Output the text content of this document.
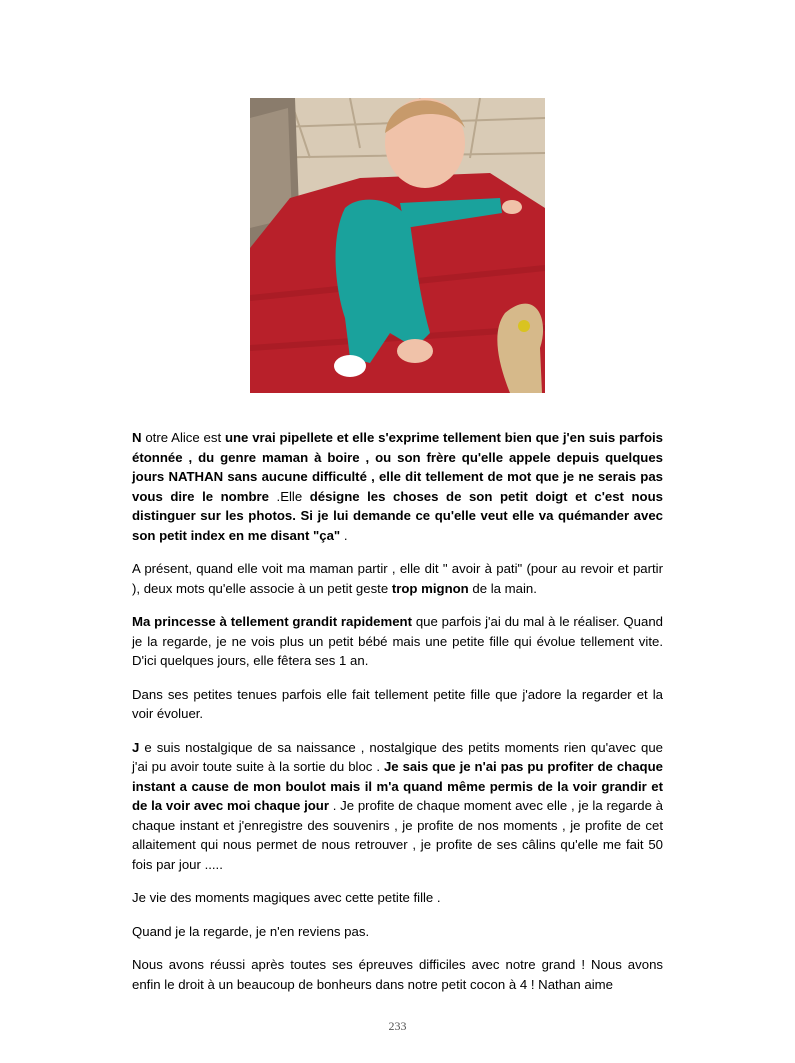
N otre Alice est une vrai pipellete et elle s'exprime tellement bien que j'en suis parfois étonnée , du genre maman à boire , ou son frère qu'elle appele depuis quelques jours NATHAN sans aucune difficulté , elle dit tellement de mot que je ne serais pas vous dire le nombre .Elle désigne les choses de son petit doigt et c'est nous distinguer sur les photos. Si je lui demande ce qu'elle veut elle va quémander avec son petit index en me disant "ça" .

A présent, quand elle voit ma maman partir , elle dit " avoir à pati" (pour au revoir et partir ), deux mots qu'elle associe à un petit geste trop mignon de la main.

Ma princesse à tellement grandit rapidement que parfois j'ai du mal à le réaliser. Quand je la regarde, je ne vois plus un petit bébé mais une petite fille qui évolue tellement vite. D'ici quelques jours, elle fêtera ses 1 an.

Dans ses petites tenues parfois elle fait tellement petite fille que j'adore la regarder et la voir évoluer.

J e suis nostalgique de sa naissance , nostalgique des petits moments rien qu'avec que j'ai pu avoir toute suite à la sortie du bloc . Je sais que je n'ai pas pu profiter de chaque instant a cause de mon boulot mais il m'a quand même permis de la voir grandir et de la voir avec moi chaque jour . Je profite de chaque moment avec elle , je la regarde à chaque instant et j'enregistre des souvenirs , je profite de nos moments , je profite de cet allaitement qui nous permet de nous retrouver , je profite de ses câlins qu'elle me fait 50 fois par jour .....

Je vie des moments magiques avec cette petite fille .

Quand je la regarde, je n'en reviens pas.

Nous avons réussi après toutes ses épreuves difficiles avec notre grand ! Nous avons enfin le droit à un beaucoup de bonheurs dans notre petit cocon à 4 ! Nathan aime

233
